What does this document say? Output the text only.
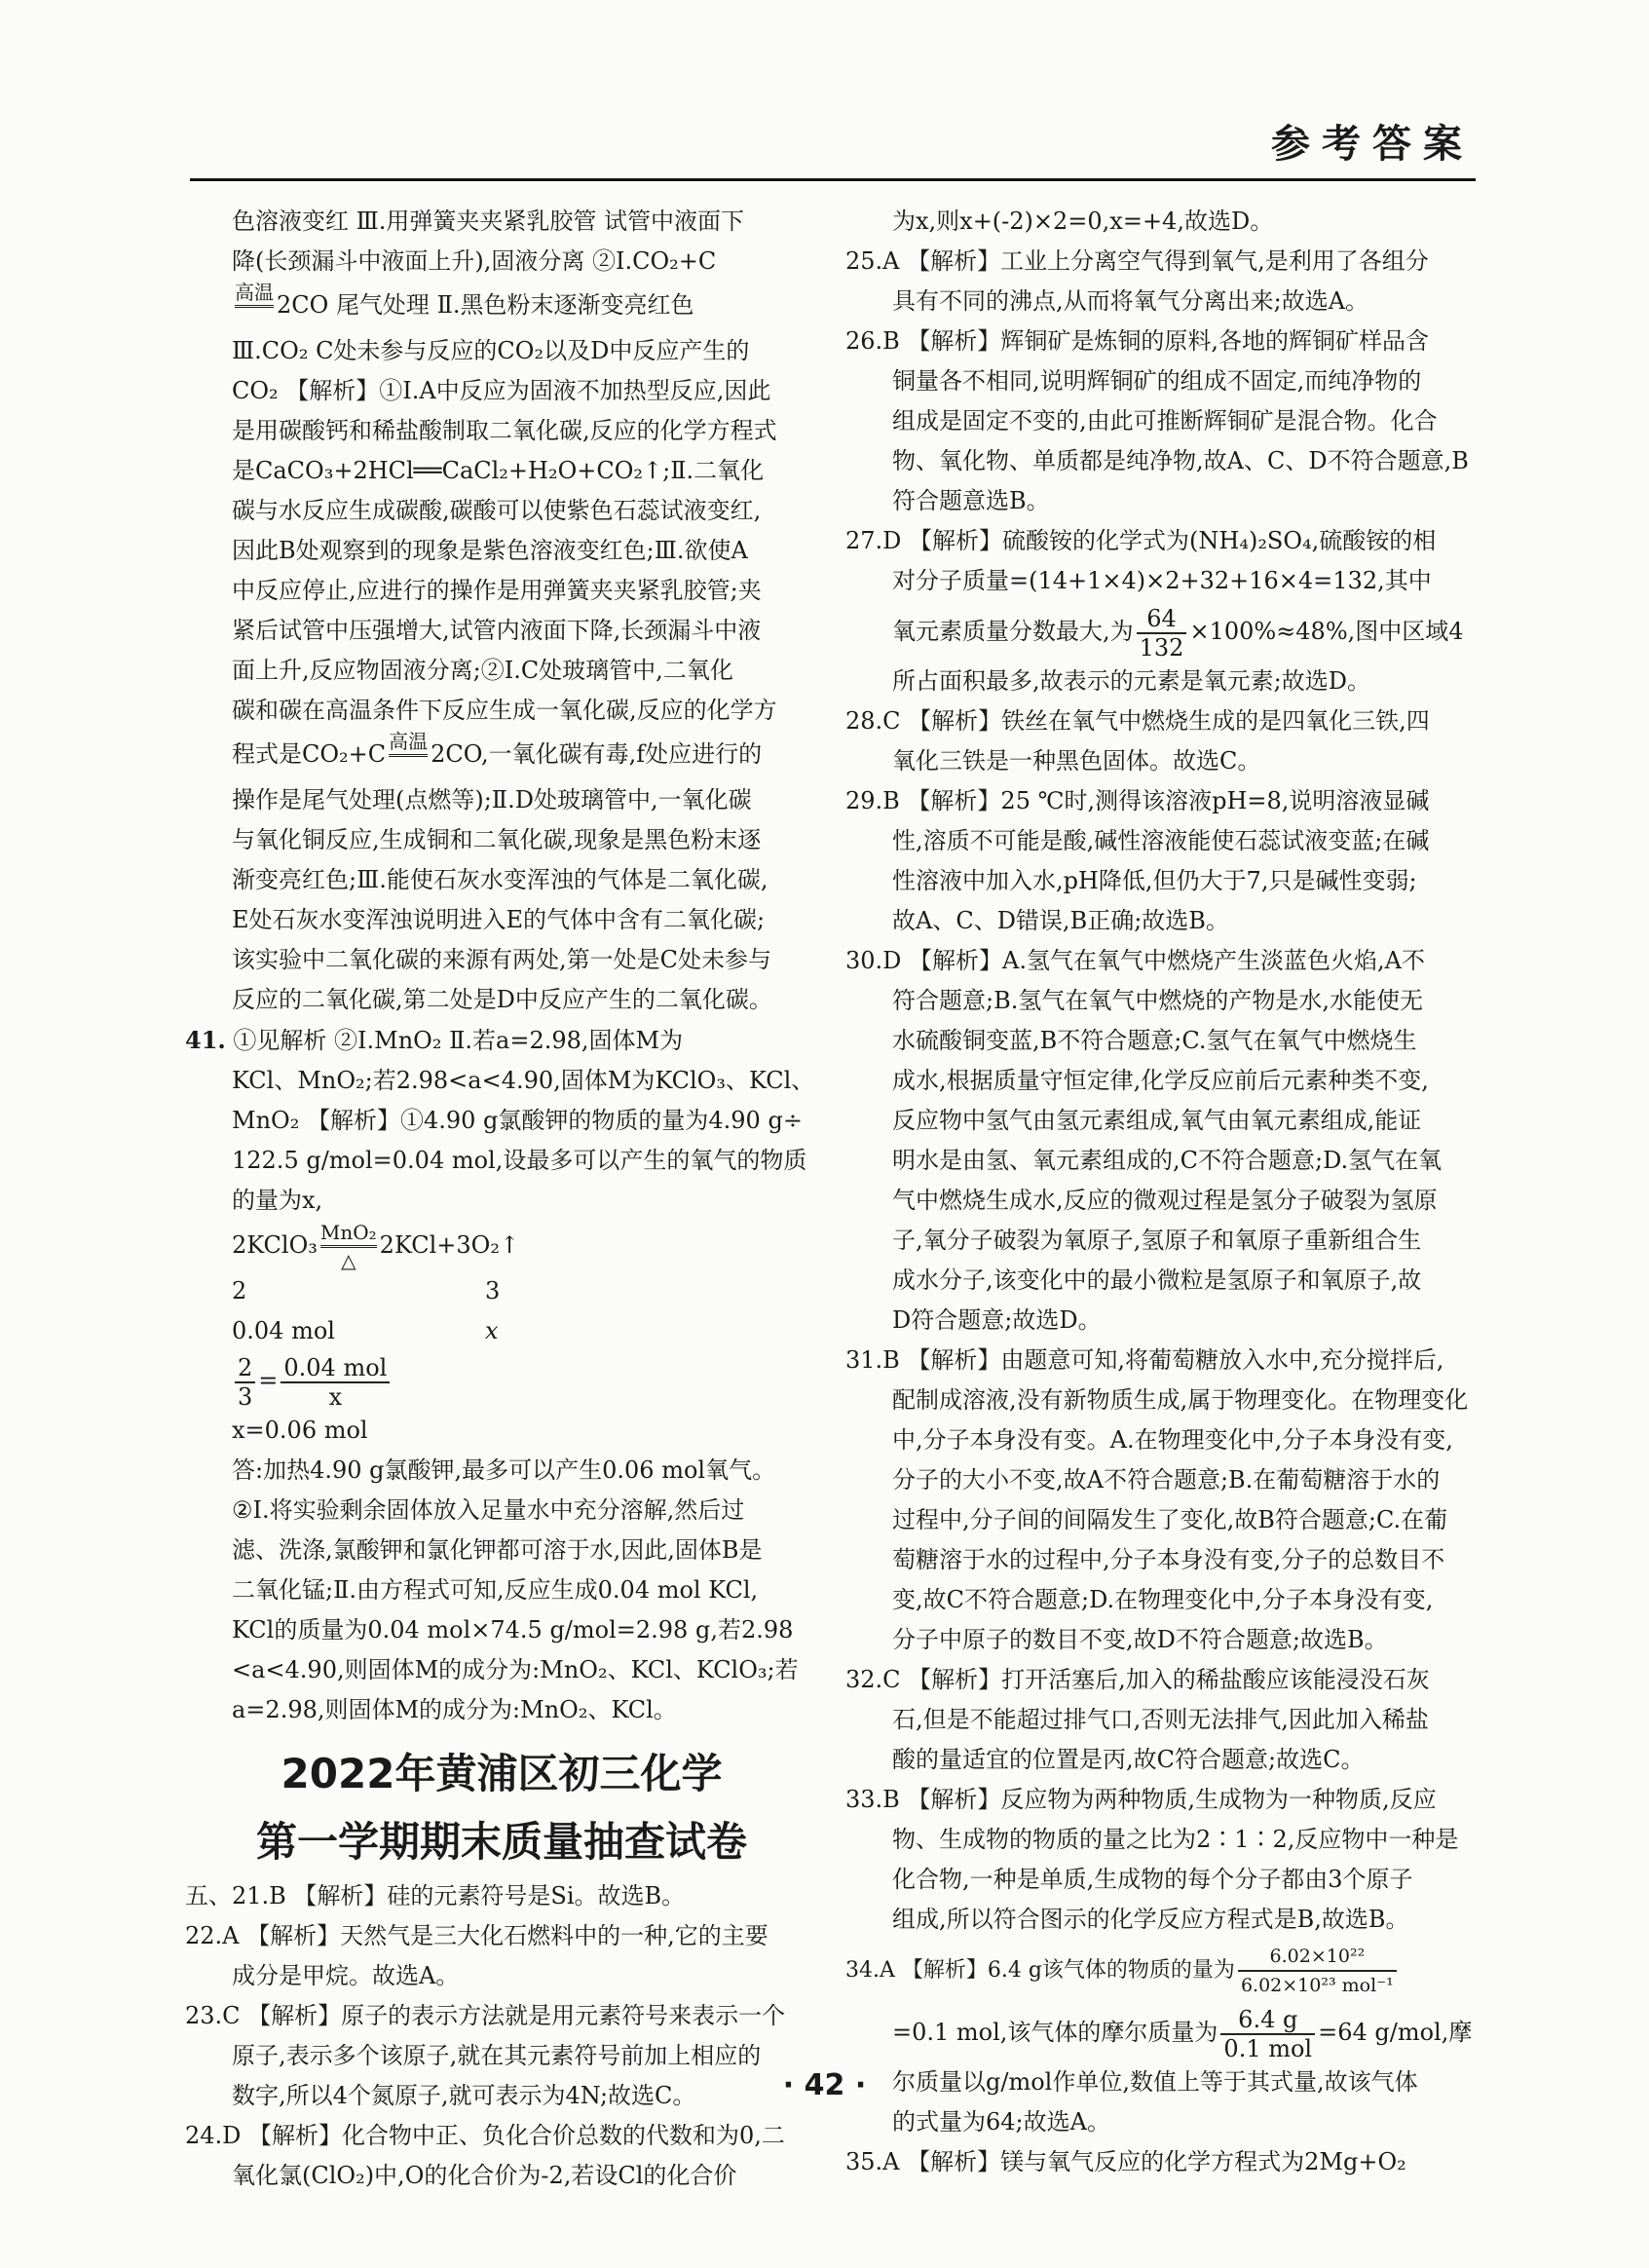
参考答案

色溶液变红 Ⅲ.用弹簧夹夹紧乳胶管 试管中液面下

降(长颈漏斗中液面上升),固液分离 ②Ⅰ.CO₂+C

高温 2CO 尾气处理 Ⅱ.黑色粉末逐渐变亮红色

Ⅲ.CO₂ C处未参与反应的CO₂以及D中反应产生的

CO₂ 【解析】①Ⅰ.A中反应为固液不加热型反应,因此

是用碳酸钙和稀盐酸制取二氧化碳,反应的化学方程式

是CaCO₃+2HCl══CaCl₂+H₂O+CO₂↑;Ⅱ.二氧化

碳与水反应生成碳酸,碳酸可以使紫色石蕊试液变红,

因此B处观察到的现象是紫色溶液变红色;Ⅲ.欲使A

中反应停止,应进行的操作是用弹簧夹夹紧乳胶管;夹

紧后试管中压强增大,试管内液面下降,长颈漏斗中液

面上升,反应物固液分离;②Ⅰ.C处玻璃管中,二氧化

碳和碳在高温条件下反应生成一氧化碳,反应的化学方

程式是CO₂+C 高温 2CO,一氧化碳有毒,f处应进行的

操作是尾气处理(点燃等);Ⅱ.D处玻璃管中,一氧化碳

与氧化铜反应,生成铜和二氧化碳,现象是黑色粉末逐

渐变亮红色;Ⅲ.能使石灰水变浑浊的气体是二氧化碳,

E处石灰水变浑浊说明进入E的气体中含有二氧化碳;

该实验中二氧化碳的来源有两处,第一处是C处未参与

反应的二氧化碳,第二处是D中反应产生的二氧化碳。

41. ①见解析 ②Ⅰ.MnO₂ Ⅱ.若a=2.98,固体M为

KCl、MnO₂;若2.98<a<4.90,固体M为KClO₃、KCl、

MnO₂ 【解析】①4.90 g氯酸钾的物质的量为4.90 g÷

122.5 g/mol=0.04 mol,设最多可以产生的氧气的物质

的量为x,

2KClO₃ MnO₂
△2KCl+3O₂↑

2	3

0.04 mol	x

$\frac{2}{3} = \frac{\text{0.04 mol}}{x}$

x=0.06 mol

答:加热4.90 g氯酸钾,最多可以产生0.06 mol氧气。

②Ⅰ.将实验剩余固体放入足量水中充分溶解,然后过

滤、洗涤,氯酸钾和氯化钾都可溶于水,因此,固体B是

二氧化锰;Ⅱ.由方程式可知,反应生成0.04 mol KCl,

KCl的质量为0.04 mol×74.5 g/mol=2.98 g,若2.98

<a<4.90,则固体M的成分为:MnO₂、KCl、KClO₃;若

a=2.98,则固体M的成分为:MnO₂、KCl。

2022年黄浦区初三化学

第一学期期末质量抽查试卷

五、21.B 【解析】硅的元素符号是Si。故选B。

22.A 【解析】天然气是三大化石燃料中的一种,它的主要

成分是甲烷。故选A。

23.C 【解析】原子的表示方法就是用元素符号来表示一个

原子,表示多个该原子,就在其元素符号前加上相应的

数字,所以4个氮原子,就可表示为4N;故选C。

24.D 【解析】化合物中正、负化合价总数的代数和为0,二

氧化氯(ClO₂)中,O的化合价为-2,若设Cl的化合价

为x,则x+(-2)×2=0,x=+4,故选D。

25.A 【解析】工业上分离空气得到氧气,是利用了各组分

具有不同的沸点,从而将氧气分离出来;故选A。

26.B 【解析】辉铜矿是炼铜的原料,各地的辉铜矿样品含

铜量各不相同,说明辉铜矿的组成不固定,而纯净物的

组成是固定不变的,由此可推断辉铜矿是混合物。化合

物、氧化物、单质都是纯净物,故A、C、D不符合题意,B

符合题意选B。

27.D 【解析】硫酸铵的化学式为(NH₄)₂SO₄,硫酸铵的相

对分子质量=(14+1×4)×2+32+16×4=132,其中

氧元素质量分数最大,为 $\frac{64}{132} \times 100\%\approx 48\%$,图中区域4

所占面积最多,故表示的元素是氧元素;故选D。

28.C 【解析】铁丝在氧气中燃烧生成的是四氧化三铁,四

氧化三铁是一种黑色固体。故选C。

29.B 【解析】25 ℃时,测得该溶液pH=8,说明溶液显碱

性,溶质不可能是酸,碱性溶液能使石蕊试液变蓝;在碱

性溶液中加入水,pH降低,但仍大于7,只是碱性变弱;

故A、C、D错误,B正确;故选B。

30.D 【解析】A.氢气在氧气中燃烧产生淡蓝色火焰,A不

符合题意;B.氢气在氧气中燃烧的产物是水,水能使无

水硫酸铜变蓝,B不符合题意;C.氢气在氧气中燃烧生

成水,根据质量守恒定律,化学反应前后元素种类不变,

反应物中氢气由氢元素组成,氧气由氧元素组成,能证

明水是由氢、氧元素组成的,C不符合题意;D.氢气在氧

气中燃烧生成水,反应的微观过程是氢分子破裂为氢原

子,氧分子破裂为氧原子,氢原子和氧原子重新组合生

成水分子,该变化中的最小微粒是氢原子和氧原子,故

D符合题意;故选D。

31.B 【解析】由题意可知,将葡萄糖放入水中,充分搅拌后,

配制成溶液,没有新物质生成,属于物理变化。在物理变化

中,分子本身没有变。A.在物理变化中,分子本身没有变,

分子的大小不变,故A不符合题意;B.在葡萄糖溶于水的

过程中,分子间的间隔发生了变化,故B符合题意;C.在葡

萄糖溶于水的过程中,分子本身没有变,分子的总数目不

变,故C不符合题意;D.在物理变化中,分子本身没有变,

分子中原子的数目不变,故D不符合题意;故选B。

32.C 【解析】打开活塞后,加入的稀盐酸应该能浸没石灰

石,但是不能超过排气口,否则无法排气,因此加入稀盐

酸的量适宜的位置是丙,故C符合题意;故选C。

33.B 【解析】反应物为两种物质,生成物为一种物质,反应

物、生成物的物质的量之比为2∶1∶2,反应物中一种是

化合物,一种是单质,生成物的每个分子都由3个原子

组成,所以符合图示的化学反应方程式是B,故选B。

34.A 【解析】6.4 g该气体的物质的量为 $\frac{\text{6.02×10²²}}{\text{6.02×10²³ mol⁻¹}}$

=0.1 mol,该气体的摩尔质量为 $\frac{6.4 g}{\text{0.1 mol}} =64$ g/mol,摩

尔质量以g/mol作单位,数值上等于其式量,故该气体

的式量为64;故选A。

35.A 【解析】镁与氧气反应的化学方程式为2Mg+O₂

· 42 ·
